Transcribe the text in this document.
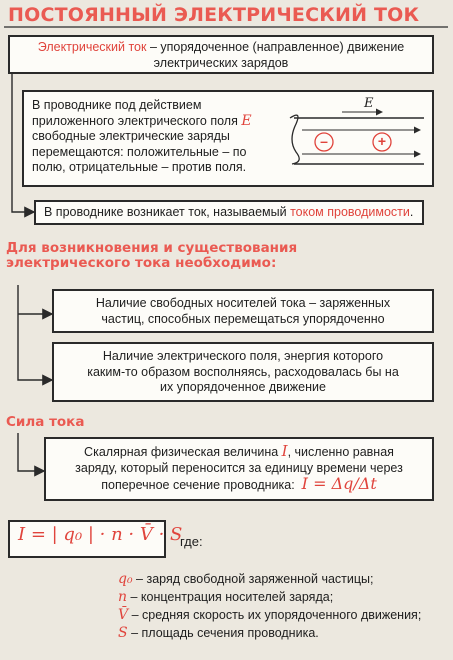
ПОСТОЯННЫЙ ЭЛЕКТРИЧЕСКИЙ ТОК
Электрический ток – упорядоченное (направленное) движение
электрических зарядов
В проводнике под действием
приложенного электрического поля E
свободные электрические заряды
перемещаются: положительные – по
полю, отрицательные – против поля.
E
–	+
В проводнике возникает ток, называемый током проводимости.
Для возникновения и существования
электрического тока необходимо:
Наличие свободных носителей тока – заряженных
частиц, способных перемещаться упорядоченно
Наличие электрического поля, энергия которого
каким-то образом восполняясь, расходовалась бы на
их упорядоченное движение
Сила тока
Скалярная физическая величина I, численно равная
заряду, который переносится за единицу времени через
поперечное сечение проводника: I = Δq/Δt
I = | q₀ | · n · V̄ · S
где:
q₀ – заряд свободной заряженной частицы;
n – концентрация носителей заряда;
V̄ – средняя скорость их упорядоченного движения;
S – площадь сечения проводника.
